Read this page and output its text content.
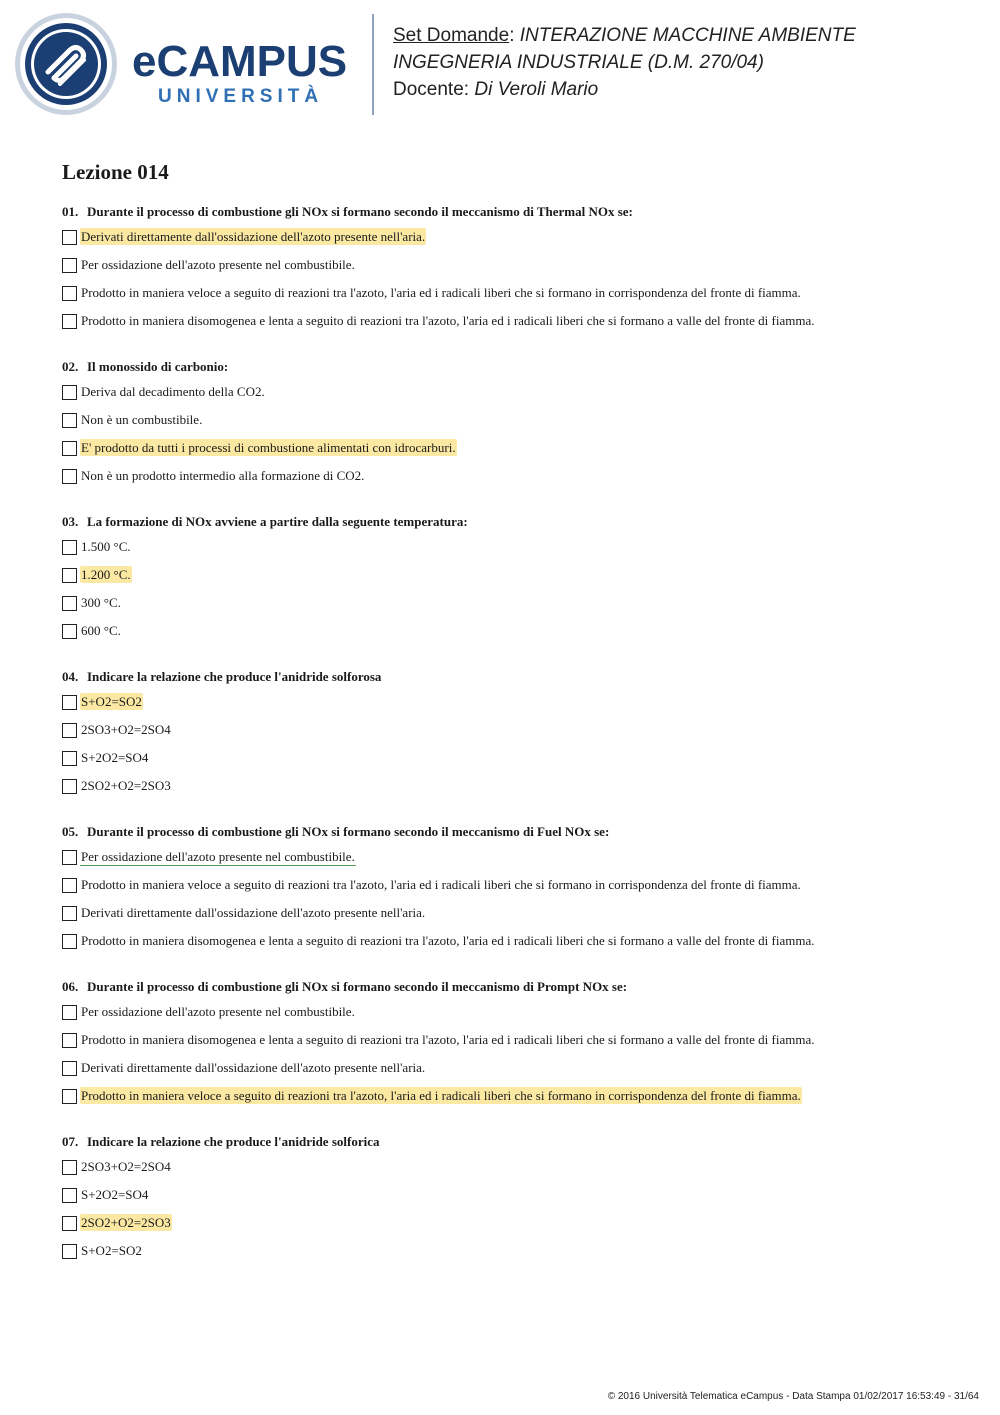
eCAMPUS
UNIVERSITÀ
Set Domande: INTERAZIONE MACCHINE AMBIENTE
INGEGNERIA INDUSTRIALE (D.M. 270/04)
Docente: Di Veroli Mario
Lezione 014
01. Durante il processo di combustione gli NOx si formano secondo il meccanismo di Thermal NOx se:
Derivati direttamente dall'ossidazione dell'azoto presente nell'aria.
Per ossidazione dell'azoto presente nel combustibile.
Prodotto in maniera veloce a seguito di reazioni tra l'azoto, l'aria ed i radicali liberi che si formano in corrispondenza del fronte di fiamma.
Prodotto in maniera disomogenea e lenta a seguito di reazioni tra l'azoto, l'aria ed i radicali liberi che si formano a valle del fronte di fiamma.
02. Il monossido di carbonio:
Deriva dal decadimento della CO2.
Non è un combustibile.
E' prodotto da tutti i processi di combustione alimentati con idrocarburi.
Non è un prodotto intermedio alla formazione di CO2.
03. La formazione di NOx avviene a partire dalla seguente temperatura:
1.500 °C.
1.200 °C.
300 °C.
600 °C.
04. Indicare la relazione che produce l'anidride solforosa
S+O2=SO2
2SO3+O2=2SO4
S+2O2=SO4
2SO2+O2=2SO3
05. Durante il processo di combustione gli NOx si formano secondo il meccanismo di Fuel NOx se:
Per ossidazione dell'azoto presente nel combustibile.
Prodotto in maniera veloce a seguito di reazioni tra l'azoto, l'aria ed i radicali liberi che si formano in corrispondenza del fronte di fiamma.
Derivati direttamente dall'ossidazione dell'azoto presente nell'aria.
Prodotto in maniera disomogenea e lenta a seguito di reazioni tra l'azoto, l'aria ed i radicali liberi che si formano a valle del fronte di fiamma.
06. Durante il processo di combustione gli NOx si formano secondo il meccanismo di Prompt NOx se:
Per ossidazione dell'azoto presente nel combustibile.
Prodotto in maniera disomogenea e lenta a seguito di reazioni tra l'azoto, l'aria ed i radicali liberi che si formano a valle del fronte di fiamma.
Derivati direttamente dall'ossidazione dell'azoto presente nell'aria.
Prodotto in maniera veloce a seguito di reazioni tra l'azoto, l'aria ed i radicali liberi che si formano in corrispondenza del fronte di fiamma.
07. Indicare la relazione che produce l'anidride solforica
2SO3+O2=2SO4
S+2O2=SO4
2SO2+O2=2SO3
S+O2=SO2
© 2016 Università Telematica eCampus - Data Stampa 01/02/2017 16:53:49 - 31/64
